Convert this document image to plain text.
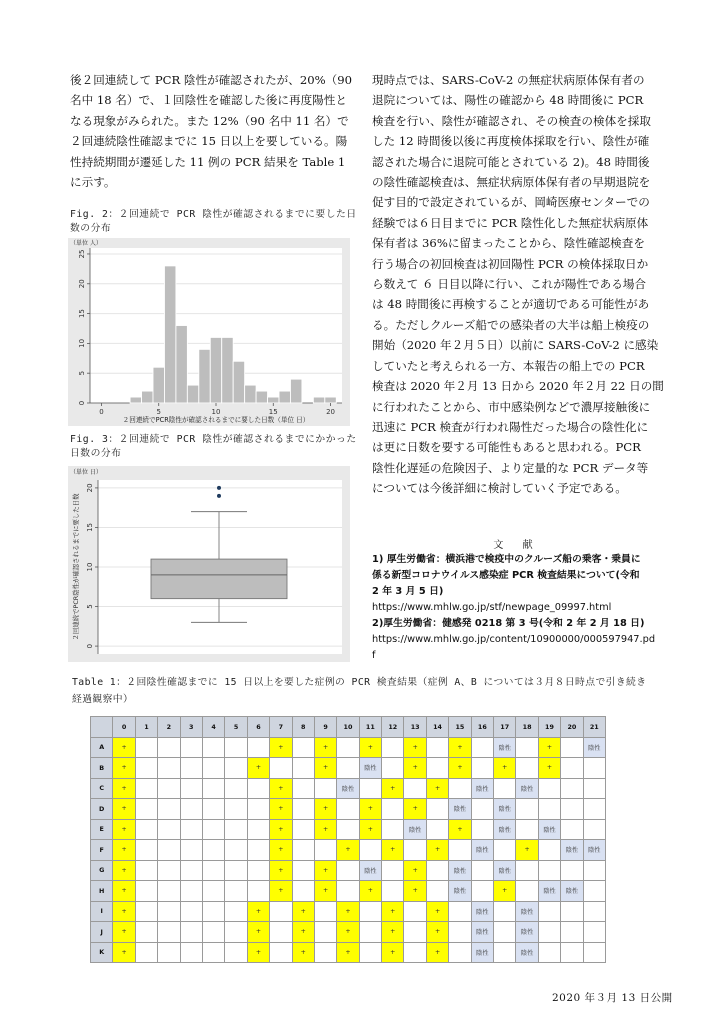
後２回連続して PCR 陰性が確認されたが、20%（90
名中 18 名）で、１回陰性を確認した後に再度陽性と
なる現象がみられた。また 12%（90 名中 11 名）で
２回連続陰性確認までに 15 日以上を要している。陽
性持続期間が遷延した 11 例の PCR 結果を Table 1
に示す。
Fig. 2：２回連続で PCR 陰性が確認されるまでに要した日
数の分布
0
5
10
15
20
25
0	5	10	15	20
２回連続でPCR陰性が確認されるまでに要した日数（単位 日）
（単位 人）
Fig. 3：２回連続で PCR 陰性が確認されるまでにかかった
日数の分布
0
5
10
15
20
２回連続でPCR陰性が確認されるまでに要した日数
（単位 日）
現時点では、SARS-CoV-2 の無症状病原体保有者の
退院については、陽性の確認から 48 時間後に PCR
検査を行い、陰性が確認され、その検査の検体を採取
した 12 時間後以後に再度検体採取を行い、陰性が確
認された場合に退院可能とされている 2)。48 時間後
の陰性確認検査は、無症状病原体保有者の早期退院を
促す目的で設定されているが、岡崎医療センターでの
経験では６日目までに PCR 陰性化した無症状病原体
保有者は 36%に留まったことから、陰性確認検査を
行う場合の初回検査は初回陽性 PCR の検体採取日か
ら数えて ６ 日目以降に行い、これが陽性である場合
は 48 時間後に再検することが適切である可能性があ
る。ただしクルーズ船での感染者の大半は船上検疫の
開始（2020 年２月５日）以前に SARS-CoV-2 に感染
していたと考えられる一方、本報告の船上での PCR
検査は 2020 年２月 13 日から 2020 年２月 22 日の間
に行われたことから、市中感染例などで濃厚接触後に
迅速に PCR 検査が行われ陽性だった場合の陰性化に
は更に日数を要する可能性もあると思われる。PCR
陰性化遅延の危険因子、より定量的な PCR データ等
については今後詳細に検討していく予定である。
文 献
1) 厚生労働省：横浜港で検疫中のクルーズ船の乗客・乗員に
係る新型コロナウイルス感染症 PCR 検査結果について(令和
2 年 3 月 5 日)
https://www.mhlw.go.jp/stf/newpage_09997.html
2)厚生労働省：健感発 0218 第 3 号(令和 2 年 2 月 18 日)
https://www.mhlw.go.jp/content/10900000/000597947.pd
f
Table 1：２回陰性確認までに 15 日以上を要した症例の PCR 検査結果（症例 A、B については３月８日時点で引き続き
経過観察中）
	0	1	2	3	4	5	6	7	8	9	10	11	12	13	14	15	16	17	18	19	20	21
A	+							+		+		+		+		+		陰性		+		陰性
B	+						+			+		陰性		+		+		+		+		
C	+							+			陰性		+		+		陰性		陰性			
D	+							+		+		+		+		陰性		陰性				
E	+							+		+		+		陰性		+		陰性		陰性		
F	+							+			+		+		+		陰性		+		陰性	陰性
G	+							+		+		陰性		+		陰性		陰性				
H	+							+		+		+		+		陰性		+		陰性	陰性	
I	+						+		+		+		+		+		陰性		陰性			
J	+						+		+		+		+		+		陰性		陰性			
K	+						+		+		+		+		+		陰性		陰性			
2020 年３月 13 日公開
